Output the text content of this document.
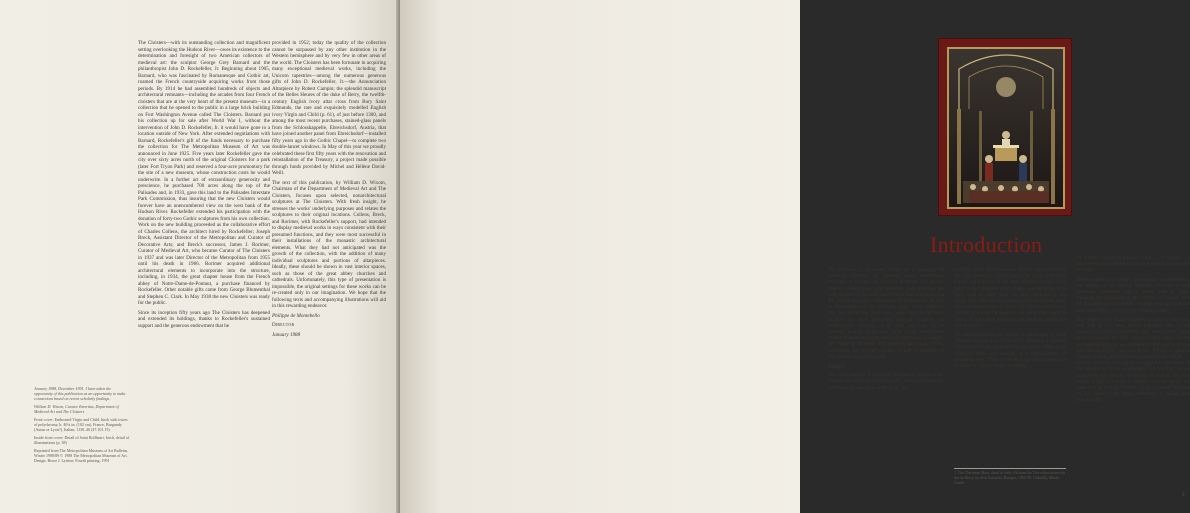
The Cloisters—with its outstanding collection and magnificent setting overlooking the Hudson River—owes its existence to the determination and foresight of two American collectors of medieval art: the sculptor George Grey Barnard and the philanthropist John D. Rockefeller, Jr. Beginning about 1905, Barnard, who was fascinated by Romanesque and Gothic art, roamed the French countryside acquiring works from those periods. By 1914 he had assembled hundreds of objects and architectural remnants—including the arcades from four French cloisters that are at the very heart of the present museum—in a collection that he opened to the public in a large brick building on Fort Washington Avenue called The Cloisters. Barnard put his collection up for sale after World War I, without the intervention of John D. Rockefeller, Jr. it would have gone to a location outside of New York. After extended negotiations with Barnard, Rockefeller's gift of the funds necessary to purchase the collection for The Metropolitan Museum of Art was announced in June 1925. Five years later Rockefeller gave the city over sixty acres north of the original Cloisters for a park (later Fort Tryon Park) and reserved a four-acre promontory for the site of a new museum, whose construction costs he would underwrite. In a further act of extraordinary generosity and prescience, he purchased 700 acres along the top of the Palisades and, in 1933, gave this land to the Palisades Interstate Park Commission, thus insuring that the new Cloisters would forever have an unencumbered view on the west bank of the Hudson River. Rockefeller extended his participation with the donation of forty-two Gothic sculptures from his own collection. Work on the new building proceeded as the collaborative effort of Charles Collens, the architect hired by Rockefeller; Joseph Breck, Assistant Director of the Metropolitan and Curator of Decorative Arts; and Breck's successor, James J. Rorimer, Curator of Medieval Art, who became Curator of The Cloisters in 1937 and was later Director of the Metropolitan from 1955 until his death in 1966. Rorimer acquired additional architectural elements to incorporate into the structure, including, in 1934, the great chapter house from the French abbey of Notre-Dame-de-Pontaut, a purchase financed by Rockefeller. Other notable gifts came from George Blumenthal and Stephen C. Clark. In May 1938 the new Cloisters was ready for the public.

Since its inception fifty years ago The Cloisters has deepened and extended its holdings, thanks to Rockefeller's sustained support and the generous endowment that he

provided in 1952; today the quality of the collection cannot be surpassed by any other institution in the Western hemisphere and by very few in other areas of the world. The Cloisters has been fortunate in acquiring many exceptional medieval works, including the Unicorn tapestries—among the numerous generous gifts of John D. Rockefeller, Jr.—the Annunciation Altarpiece by Robert Campin; the splendid manuscript of the Belles Heures of the duke of Berry, the twelfth-century English ivory altar cross from Bury Saint Edmunds, the rare and exquisitely modelled English ivory Virgin and Child (p. 61), of just before 1300, and among the most recent purchases, stained-glass panels from the Schlosskappelle, Ebreichsdorf, Austria, that have joined another panel from Ebreichsdorf—installed fifty years ago in the Gothic Chapel—to complete two double-lancet windows. In May of this year we proudly celebrated these first fifty years with the renovation and reinstallation of the Treasury, a project made possible through funds provided by Michel and Hélène David-Weill.

The text of this publication, by William D. Wixom, Chairman of the Department of Medieval Art and The Cloisters, focuses upon selected, nonarchitectural sculptures at The Cloisters. With fresh insight, he stresses the works' underlying purposes and relates the sculptures to their original locations. Collens, Breck, and Rorimer, with Rockefeller's support, had intended to display medieval works in ways consistent with their presumed functions, and they were most successful in their installations of the monastic architectural elements. What they had not anticipated was the growth of the collection, with the addition of many individual sculptures and portions of altarpieces. Ideally, these should be shown in vast interior spaces, such as those of the great abbey churches and cathedrals. Unfortunately, this type of presentation is impossible, the original settings for these works can be re-created only in our imagination. We hope that the following texts and accompanying illustrations will aid in this rewarding endeavor.

Philippe de Montebello

Director

January 1988

January 1988, December 1991. I have taken the opportunity of this publication as an opportunity to make connections based on recent scholarly findings.

William D. Wixom, Curator Emeritus, Department of Medieval Art and The Cloisters

Front cover: Enthroned Virgin and Child, birch with traces of polychromy, h. 40¼ in. (102 cm), France, Burgundy (Autun or Lyon?), Italian, 1130–40 (47.101.15)

Inside front cover: Detail of Saint Bollheart, birch, detail of illuminations (p. 38)

Reprinted from The Metropolitan Museum of Art Bulletin, Winter 1988/89 © 1988 The Metropolitan Museum of Art. Design: Bruce J. Lyttton; Fourth printing, 1991

Introduction

The Cloisters is renowned chiefly as a repository of medieval Christian art featuring major architectural elements, a treasury of precious liturgical and secular objects, stained glass, and tapestries. Less attention has been focused on the collection of individual sculptures that are, for the most part, independent of architecture. As will be demonstrated in the following pages, these sculptures may be understood more fully when they are grouped roughly by their presumed original locations in ecclesiastical buildings or by their functions. As an essential general background, some initial observations should be made regarding medieval approaches to images, the range of locations and subjects, patronage, artists, workshops, and stylistic changes, as well as questions of loss, preservation, and quality.

Images

The prime purpose of medieval Christian art was to render tangible the teachings of the Church. The most frequently cited basis for narrative works of art, for

example, is the devotional and didactic one provided in the sixth century by Saint Gregory the Great (540–604), a pope and a Father of the early Western church: "One thing is the adoration of an image, another thing is to learn what to adore from the story rendered by the image. For what the Scripture teaches those who read, this same image shows to those who cannot read but see; because in it even the ignorant see whom they ought to follow; in the image those who do not know letters are able to read."

The theological basis for images as enunciated by Saint Thomas Aquinas (ca. 1225–1274) included a twofold relationship of the worshiper to an image, first, as an object in itself, and second, as a representation of something else. "Thus . . . we must say that no reverence is shown to Christ's image as a thing—

for instance, carved or painted wood . . . it follows . . . that reverence should be shown to it insofar only as it is an image."

Another approach to images, an empathic one centered on the attitude of the devout beholder, involved a deep emotional experience and a certain state of mind. Although not prominent in the writings on images until the thirteenth and fourteenth centuries, this approach had been described by Gregory the Great in a letter:

Your request [for images] pleases us greatly, since you seek with all your heart and all intentness Him, whose picture you wish to have before your eyes, so that, being so accustomed to the daily corporeal sight, when you see an image of Him you are inflamed in your soul by love to Him Whose picture you wish to see. We do no harm in wishing to show the invisible by means of the visible. . . . I know, however, that you do not appeal to the image of Our Saviour as if you worshipped God, but that you are warmed by the memory of the Son of God in His love, Whose image you desire to behold. And we should not kneel in front of it as if before a deity, but adore Him that we, by means of the image, remember as having been born, having

1. The Christmas Mass, detail of folio 11b from the Très riches heures du duc de Berry, by Jean Colombe, Bourges, 1485–89. Chantilly, Musée Condé
3
